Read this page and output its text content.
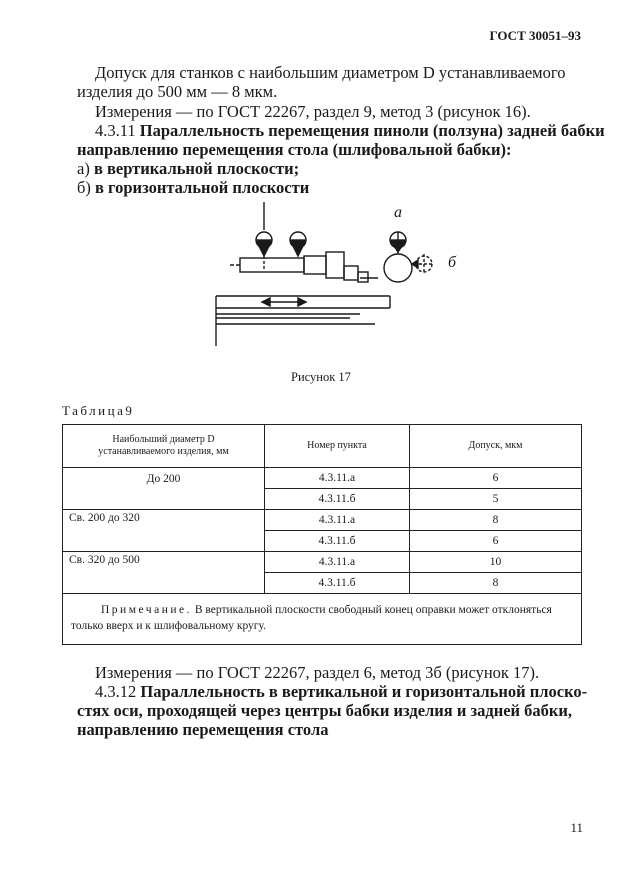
ГОСТ 30051–93
Допуск для станков с наибольшим диаметром D устанавливаемого
изделия до 500 мм — 8 мкм.
Измерения — по ГОСТ 22267, раздел 9, метод 3 (рисунок 16).
4.3.11 Параллельность перемещения пиноли (ползуна) задней бабки
направлению перемещения стола (шлифовальной бабки):
а) в вертикальной плоскости;
б) в горизонтальной плоскости
а
б
Рисунок 17
Таблица9
Наибольший диаметр D устанавливаемого изделия, мм	Номер пункта	Допуск, мкм
До 200	4.3.11.а	6
	4.3.11.б	5
Св. 200 до 320	4.3.11.а	8
	4.3.11.б	6
Св. 320 до 500	4.3.11.а	10
	4.3.11.б	8
Примечание. В вертикальной плоскости свободный конец оправки может отклоняться только вверх и к шлифовальному кругу.		
Измерения — по ГОСТ 22267, раздел 6, метод 3б (рисунок 17).
4.3.12 Параллельность в вертикальной и горизонтальной плоско-
стях оси, проходящей через центры бабки изделия и задней бабки,
направлению перемещения стола
11
